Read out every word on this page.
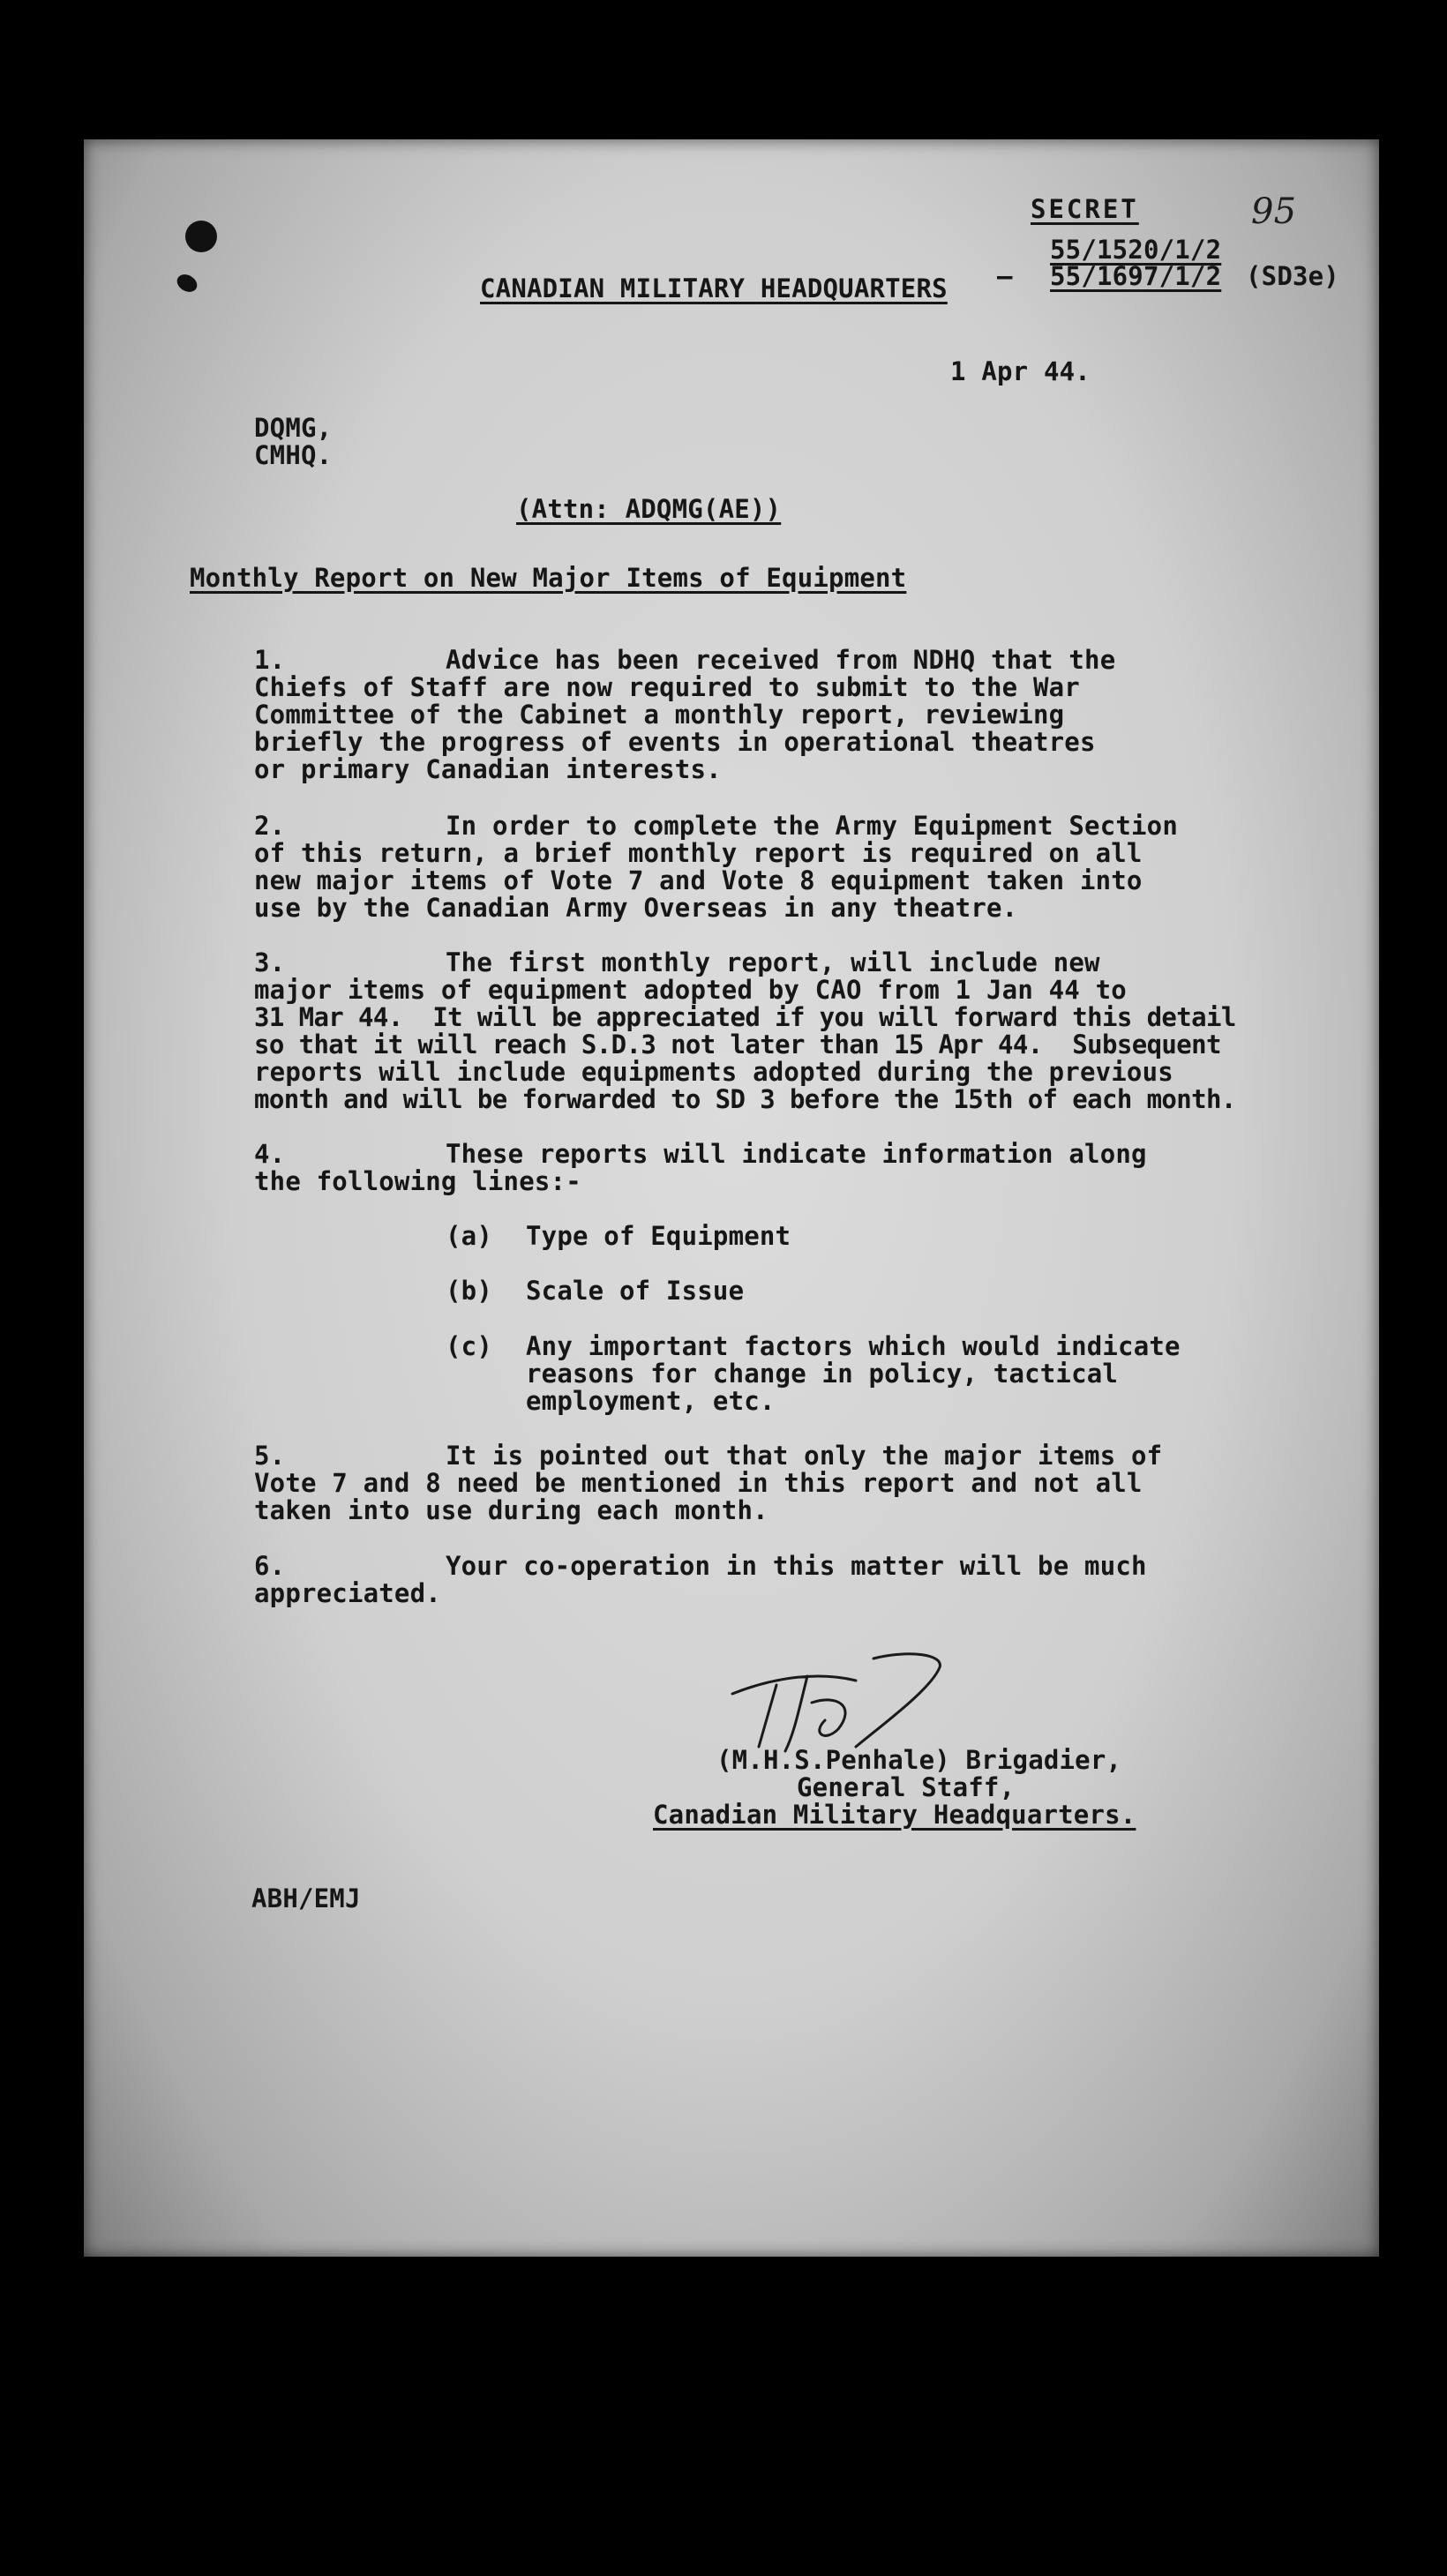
SECRET	95
55/1520/1/2
— 55/1697/1/2 (SD3e)
CANADIAN MILITARY HEADQUARTERS
1 Apr 44.
DQMG,
CMHQ.
(Attn: ADQMG(AE))
Monthly Report on New Major Items of Equipment
1.	Advice has been received from NDHQ that the
Chiefs of Staff are now required to submit to the War
Committee of the Cabinet a monthly report, reviewing
briefly the progress of events in operational theatres
or primary Canadian interests.
2.	In order to complete the Army Equipment Section
of this return, a brief monthly report is required on all
new major items of Vote 7 and Vote 8 equipment taken into
use by the Canadian Army Overseas in any theatre.
3.	The first monthly report, will include new
major items of equipment adopted by CAO from 1 Jan 44 to
31 Mar 44.  It will be appreciated if you will forward this detail
so that it will reach S.D.3 not later than 15 Apr 44.  Subsequent
reports will include equipments adopted during the previous
month and will be forwarded to SD 3 before the 15th of each month.
4.	These reports will indicate information along
the following lines:-
(a) Type of Equipment
(b) Scale of Issue
(c) Any important factors which would indicate
reasons for change in policy, tactical
employment, etc.
5.	It is pointed out that only the major items of
Vote 7 and 8 need be mentioned in this report and not all
taken into use during each month.
6.	Your co-operation in this matter will be much
appreciated.
(M.H.S.Penhale) Brigadier,
General Staff,
Canadian Military Headquarters.
ABH/EMJ
